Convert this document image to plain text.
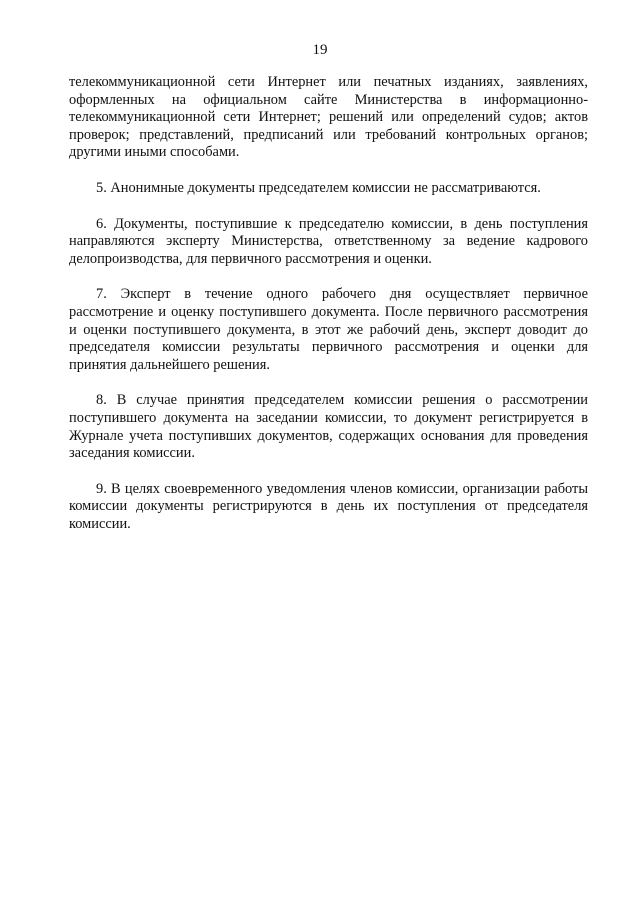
19

телекоммуникационной сети Интернет или печатных изданиях, заявлениях, оформленных на официальном сайте Министерства в информационно-телекоммуникационной сети Интернет; решений или определений судов; актов проверок; представлений, предписаний или требований контрольных органов; другими иными способами.

5. Анонимные документы председателем комиссии не рассматриваются.

6. Документы, поступившие к председателю комиссии, в день поступления направляются эксперту Министерства, ответственному за ведение кадрового делопроизводства, для первичного рассмотрения и оценки.

7. Эксперт в течение одного рабочего дня осуществляет первичное рассмотрение и оценку поступившего документа. После первичного рассмотрения и оценки поступившего документа, в этот же рабочий день, эксперт доводит до председателя комиссии результаты первичного рассмотрения и оценки для принятия дальнейшего решения.

8. В случае принятия председателем комиссии решения о рассмотрении поступившего документа на заседании комиссии, то документ регистрируется в Журнале учета поступивших документов, содержащих основания для проведения заседания комиссии.

9. В целях своевременного уведомления членов комиссии, организации работы комиссии документы регистрируются в день их поступления от председателя комиссии.
